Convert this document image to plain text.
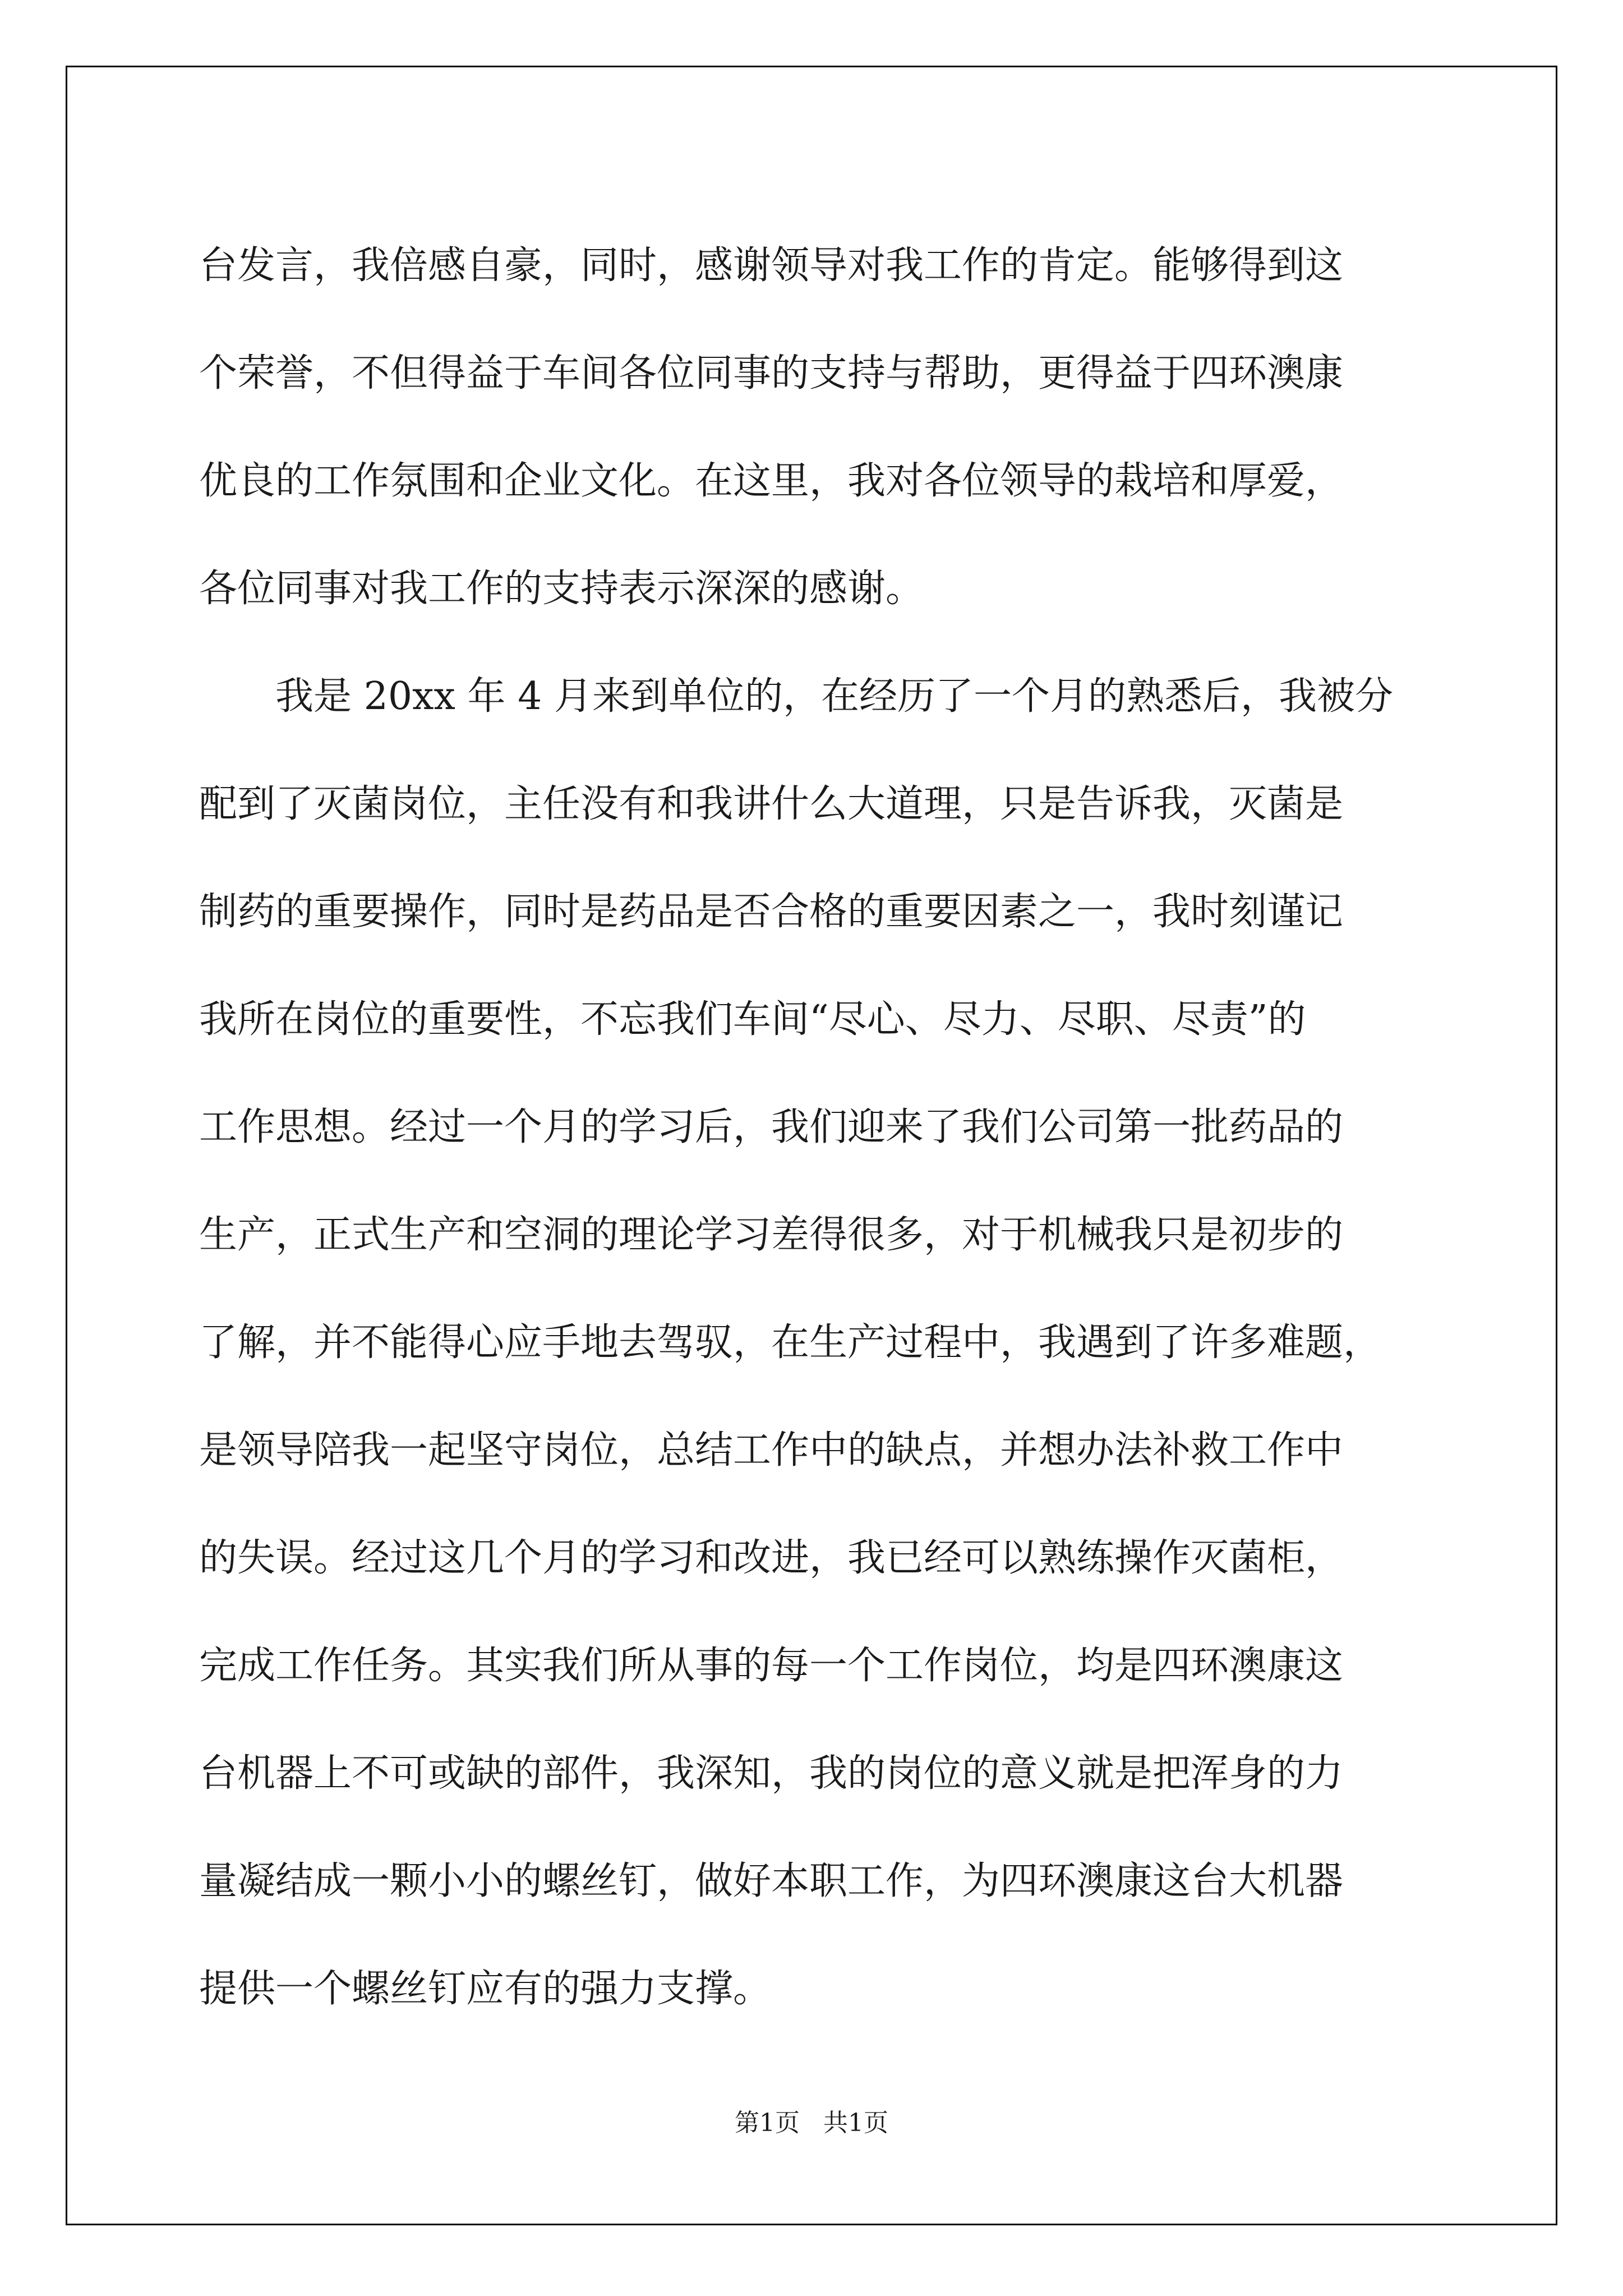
台发言，我倍感自豪，同时，感谢领导对我工作的肯定。能够得到这
个荣誉，不但得益于车间各位同事的支持与帮助，更得益于四环澳康
优良的工作氛围和企业文化。在这里，我对各位领导的栽培和厚爱，
各位同事对我工作的支持表示深深的感谢。
　　我是 20xx 年 4 月来到单位的，在经历了一个月的熟悉后，我被分
配到了灭菌岗位，主任没有和我讲什么大道理，只是告诉我，灭菌是
制药的重要操作，同时是药品是否合格的重要因素之一，我时刻谨记
我所在岗位的重要性，不忘我们车间“尽心、尽力、尽职、尽责”的
工作思想。经过一个月的学习后，我们迎来了我们公司第一批药品的
生产，正式生产和空洞的理论学习差得很多，对于机械我只是初步的
了解，并不能得心应手地去驾驭，在生产过程中，我遇到了许多难题，
是领导陪我一起坚守岗位，总结工作中的缺点，并想办法补救工作中
的失误。经过这几个月的学习和改进，我已经可以熟练操作灭菌柜，
完成工作任务。其实我们所从事的每一个工作岗位，均是四环澳康这
台机器上不可或缺的部件，我深知，我的岗位的意义就是把浑身的力
量凝结成一颗小小的螺丝钉，做好本职工作，为四环澳康这台大机器
提供一个螺丝钉应有的强力支撑。
第1页   共1页
